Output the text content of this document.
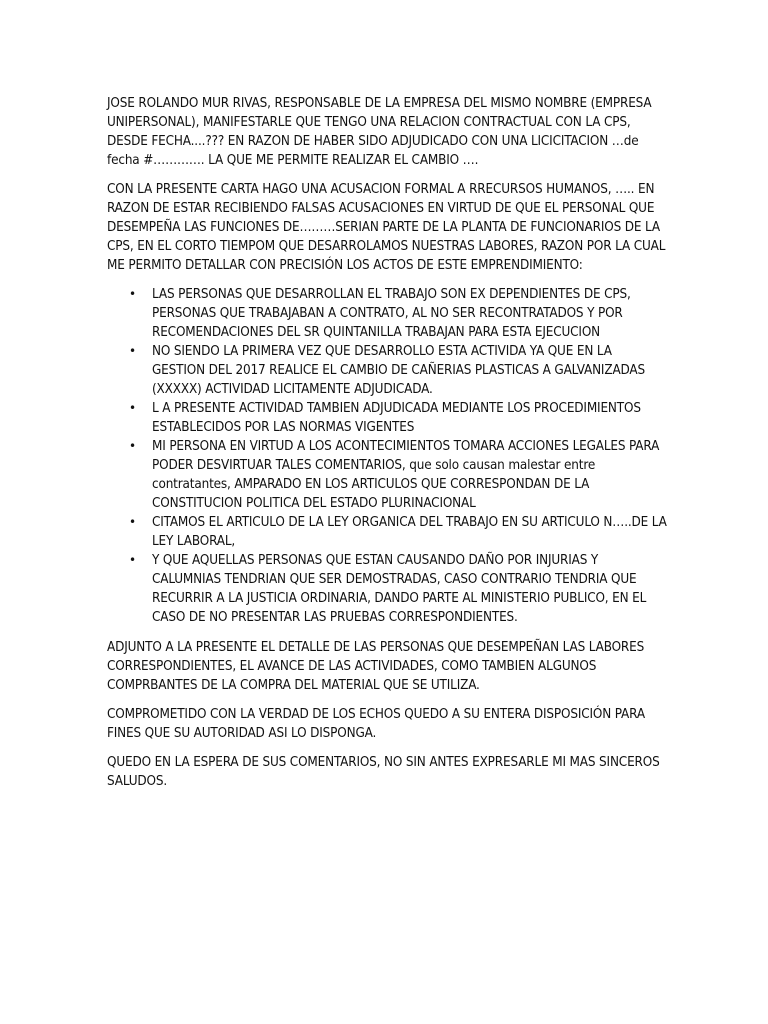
JOSE ROLANDO MUR RIVAS, RESPONSABLE DE LA EMPRESA DEL MISMO NOMBRE (EMPRESA UNIPERSONAL), MANIFESTARLE QUE TENGO UNA RELACION CONTRACTUAL CON LA CPS, DESDE FECHA....??? EN RAZON DE HABER SIDO ADJUDICADO CON UNA LICICITACION …de fecha #…………. LA QUE ME PERMITE REALIZAR EL CAMBIO ….

CON LA PRESENTE CARTA HAGO UNA ACUSACION FORMAL A RRECURSOS HUMANOS, ….. EN RAZON DE ESTAR RECIBIENDO FALSAS ACUSACIONES EN VIRTUD DE QUE EL PERSONAL QUE DESEMPEÑA LAS FUNCIONES DE………SERIAN PARTE DE LA PLANTA DE FUNCIONARIOS DE LA CPS, EN EL CORTO TIEMPOM QUE DESARROLAMOS NUESTRAS LABORES, RAZON POR LA CUAL ME PERMITO DETALLAR CON PRECISIÓN LOS ACTOS DE ESTE EMPRENDIMIENTO:

• LAS PERSONAS QUE DESARROLLAN EL TRABAJO SON EX DEPENDIENTES DE CPS, PERSONAS QUE TRABAJABAN A CONTRATO, AL NO SER RECONTRATADOS Y POR RECOMENDACIONES DEL SR QUINTANILLA TRABAJAN PARA ESTA EJECUCION
• NO SIENDO LA PRIMERA VEZ QUE DESARROLLO ESTA ACTIVIDA YA QUE EN LA GESTION DEL 2017 REALICE EL CAMBIO DE CAÑERIAS PLASTICAS A GALVANIZADAS (XXXXX) ACTIVIDAD LICITAMENTE ADJUDICADA.
• L A PRESENTE ACTIVIDAD TAMBIEN ADJUDICADA MEDIANTE LOS PROCEDIMIENTOS ESTABLECIDOS POR LAS NORMAS VIGENTES
• MI PERSONA EN VIRTUD A LOS ACONTECIMIENTOS TOMARA ACCIONES LEGALES PARA PODER DESVIRTUAR TALES COMENTARIOS, que solo causan malestar entre contratantes, AMPARADO EN LOS ARTICULOS QUE CORRESPONDAN DE LA CONSTITUCION POLITICA DEL ESTADO PLURINACIONAL
• CITAMOS EL ARTICULO DE LA LEY ORGANICA DEL TRABAJO EN SU ARTICULO N…..DE LA LEY LABORAL,
• Y QUE AQUELLAS PERSONAS QUE ESTAN CAUSANDO DAÑO POR INJURIAS Y CALUMNIAS TENDRIAN QUE SER DEMOSTRADAS, CASO CONTRARIO TENDRIA QUE RECURRIR A LA JUSTICIA ORDINARIA, DANDO PARTE AL MINISTERIO PUBLICO, EN EL CASO DE NO PRESENTAR LAS PRUEBAS CORRESPONDIENTES.

ADJUNTO A LA PRESENTE EL DETALLE DE LAS PERSONAS QUE DESEMPEÑAN LAS LABORES CORRESPONDIENTES, EL AVANCE DE LAS ACTIVIDADES, COMO TAMBIEN ALGUNOS COMPRBANTES DE LA COMPRA DEL MATERIAL QUE SE UTILIZA.

COMPROMETIDO CON LA VERDAD DE LOS ECHOS QUEDO A SU ENTERA DISPOSICIÓN PARA FINES QUE SU AUTORIDAD ASI LO DISPONGA.

QUEDO EN LA ESPERA DE SUS COMENTARIOS, NO SIN ANTES EXPRESARLE MI MAS SINCEROS SALUDOS.
